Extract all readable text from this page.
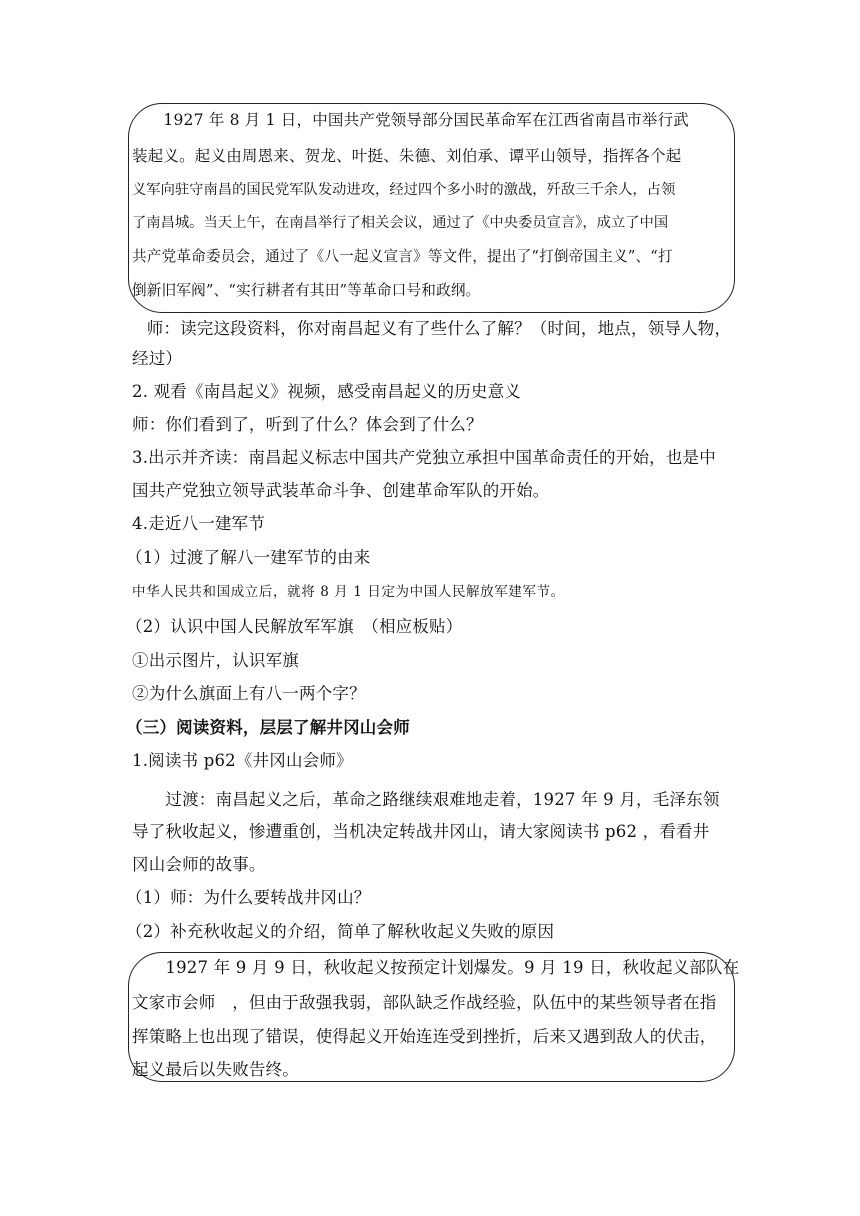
　　1927 年 8 月 1 日，中国共产党领导部分国民革命军在江西省南昌市举行武
装起义。起义由周恩来、贺龙、叶挺、朱德、刘伯承、谭平山领导，指挥各个起
义军向驻守南昌的国民党军队发动进攻，经过四个多小时的激战，歼敌三千余人，占领
了南昌城。当天上午，在南昌举行了相关会议，通过了《中央委员宣言》，成立了中国
共产党革命委员会，通过了《八一起义宣言》等文件，提出了“打倒帝国主义”、“打
倒新旧军阀”、“实行耕者有其田”等革命口号和政纲。
　师：读完这段资料，你对南昌起义有了些什么了解？（时间，地点，领导人物，
经过）
2. 观看《南昌起义》视频，感受南昌起义的历史意义
师：你们看到了，听到了什么？体会到了什么？
3.出示并齐读：南昌起义标志中国共产党独立承担中国革命责任的开始，也是中
国共产党独立领导武装革命斗争、创建革命军队的开始。
4.走近八一建军节
（1）过渡了解八一建军节的由来
中华人民共和国成立后，就将 8 月 1 日定为中国人民解放军建军节。
（2）认识中国人民解放军军旗　（相应板贴）
①出示图片，认识军旗
②为什么旗面上有八一两个字？
（三）阅读资料，层层了解井冈山会师
1.阅读书 p62《井冈山会师》
　　过渡：南昌起义之后，革命之路继续艰难地走着，1927 年 9 月，毛泽东领
导了秋收起义，惨遭重创，当机决定转战井冈山，请大家阅读书 p62 ，看看井
冈山会师的故事。
（1）师：为什么要转战井冈山？
（2）补充秋收起义的介绍，简单了解秋收起义失败的原因
　　1927 年 9 月 9 日，秋收起义按预定计划爆发。9 月 19 日，秋收起义部队在
文家市会师　，但由于敌强我弱，部队缺乏作战经验，队伍中的某些领导者在指
挥策略上也出现了错误，使得起义开始连连受到挫折，后来又遇到敌人的伏击，
起义最后以失败告终。
